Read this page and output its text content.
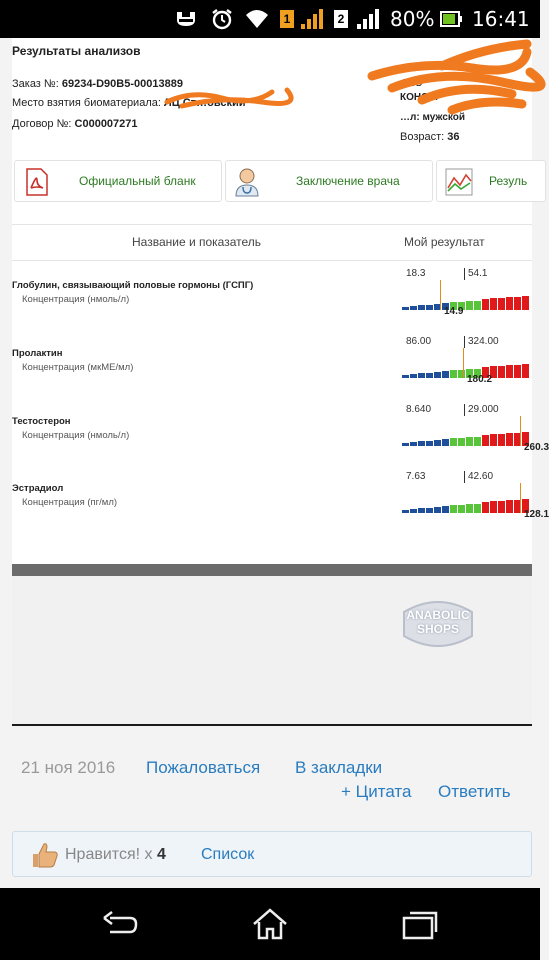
1	2 80% 16:41
Результаты анализов
Заказ №: 69234-D90B5-00013889
Место взятия биоматериала: ЛЦ Ст…овский
Договор №: С000007271
ФИО
КОНС…
…л: мужской
Возраст: 36
Официальный бланк	Заключение врача	Резуль
Название и показатель	Мой результат
Глобулин, связывающий половые гормоны (ГСПГ)
Концентрация (нмоль/л)
18.3	54.1
14.9
Пролактин
Концентрация (мкМЕ/мл)
86.00	324.00
180.2
Тестостерон
Концентрация (нмоль/л)
8.640	29.000
260.3
Эстрадиол
Концентрация (пг/мл)
7.63	42.60
128.1
ANABOLIC
SHOPS
21 ноя 2016 Пожаловаться В закладки
+ Цитата Ответить
Нравится! x 4 Список
